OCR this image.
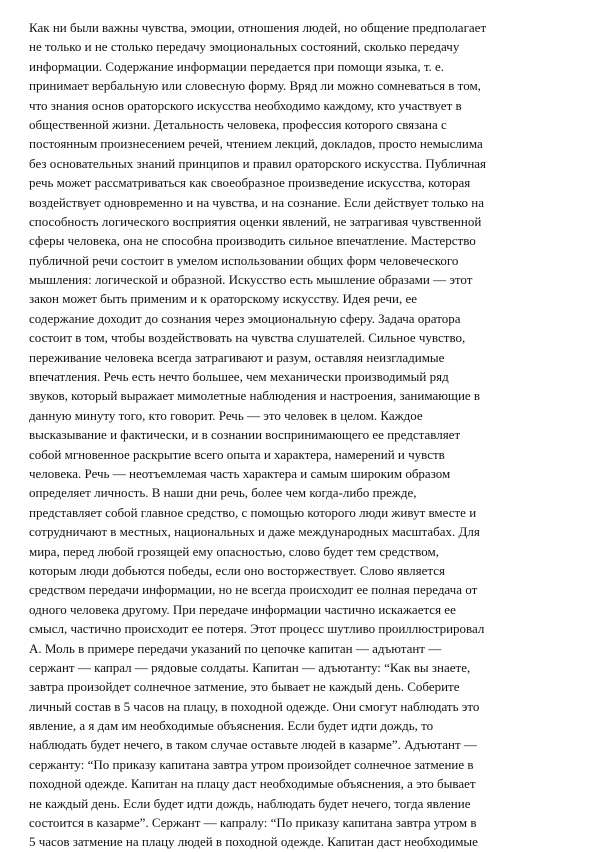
Как ни были важны чувства, эмоции, отношения людей, но общение предполагает
не только и не столько передачу эмоциональных состояний, сколько передачу
информации. Содержание информации передается при помощи языка, т. е.
принимает вербальную или словесную форму. Вряд ли можно сомневаться в том,
что знания основ ораторского искусства необходимо каждому, кто участвует в
общественной жизни. Детальность человека, профессия которого связана с
постоянным произнесением речей, чтением лекций, докладов, просто немыслима
без основательных знаний принципов и правил ораторского искусства. Публичная
речь может рассматриваться как своеобразное произведение искусства, которая
воздействует одновременно и на чувства, и на сознание. Если действует только на
способность логического восприятия оценки явлений, не затрагивая чувственной
сферы человека, она не способна производить сильное впечатление. Мастерство
публичной речи состоит в умелом использовании общих форм человеческого
мышления: логической и образной. Искусство есть мышление образами — этот
закон может быть применим и к ораторскому искусству. Идея речи, ее
содержание доходит до сознания через эмоциональную сферу. Задача оратора
состоит в том, чтобы воздействовать на чувства слушателей. Сильное чувство,
переживание человека всегда затрагивают и разум, оставляя неизгладимые
впечатления. Речь есть нечто большее, чем механически производимый ряд
звуков, который выражает мимолетные наблюдения и настроения, занимающие в
данную минуту того, кто говорит. Речь — это человек в целом. Каждое
высказывание и фактически, и в сознании воспринимающего ее представляет
собой мгновенное раскрытие всего опыта и характера, намерений и чувств
человека. Речь — неотъемлемая часть характера и самым широким образом
определяет личность. В наши дни речь, более чем когда-либо прежде,
представляет собой главное средство, с помощью которого люди живут вместе и
сотрудничают в местных, национальных и даже международных масштабах. Для
мира, перед любой грозящей ему опасностью, слово будет тем средством,
которым люди добьются победы, если оно восторжествует. Слово является
средством передачи информации, но не всегда происходит ее полная передача от
одного человека другому. При передаче информации частично искажается ее
смысл, частично происходит ее потеря. Этот процесс шутливо проиллюстрировал
А. Моль в примере передачи указаний по цепочке капитан — адъютант —
сержант — капрал — рядовые солдаты. Капитан — адъютанту: “Как вы знаете,
завтра произойдет солнечное затмение, это бывает не каждый день. Соберите
личный состав в 5 часов на плацу, в походной одежде. Они смогут наблюдать это
явление, а я дам им необходимые объяснения. Если будет идти дождь, то
наблюдать будет нечего, в таком случае оставьте людей в казарме”. Адъютант —
сержанту: “По приказу капитана завтра утром произойдет солнечное затмение в
походной одежде. Капитан на плацу даст необходимые объяснения, а это бывает
не каждый день. Если будет идти дождь, наблюдать будет нечего, тогда явление
состоится в казарме”. Сержант — капралу: “По приказу капитана завтра утром в
5 часов затмение на плацу людей в походной одежде. Капитан даст необходимые
